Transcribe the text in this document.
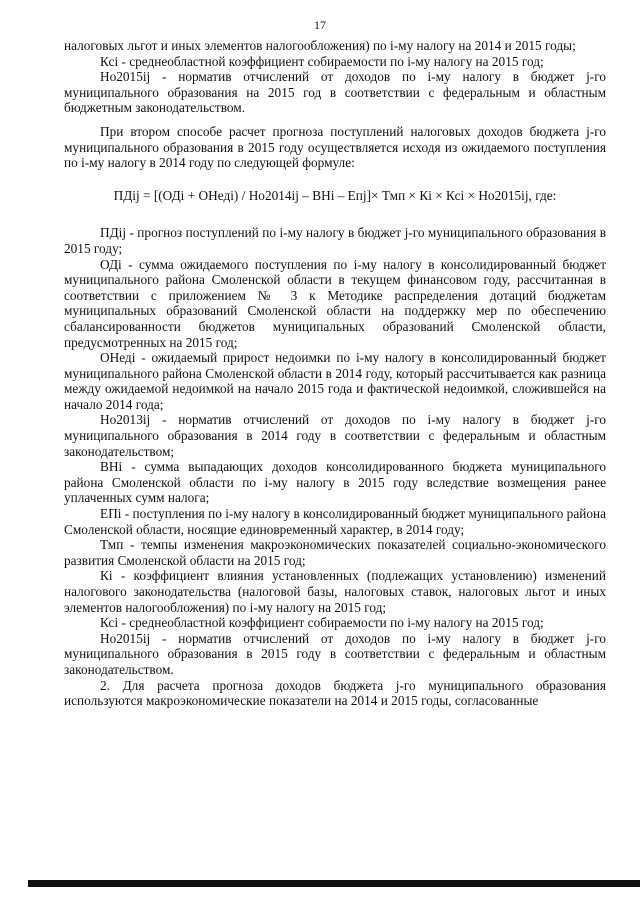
17

налоговых льгот и иных элементов налогообложения) по i-му налогу на 2014 и 2015 годы;

Ксi - среднеобластной коэффициент собираемости по i-му налогу на 2015 год;

Но2015ij - норматив отчислений от доходов по i-му налогу в бюджет j-го муниципального образования на 2015 год в соответствии с федеральным и областным бюджетным законодательством.

При втором способе расчет прогноза поступлений налоговых доходов бюджета j-го муниципального образования в 2015 году осуществляется исходя из ожидаемого поступления по i-му налогу в 2014 году по следующей формуле:

ПДij = [(ОДi + ОНедi) / Но2014ij – ВНi – Епj]× Тмп × Кi × Ксi × Но2015ij, где:

ПДij - прогноз поступлений по i-му налогу в бюджет j-го муниципального образования в 2015 году;

ОДi - сумма ожидаемого поступления по i-му налогу в консолидированный бюджет муниципального района Смоленской области в текущем финансовом году, рассчитанная в соответствии с приложением № 3 к Методике распределения дотаций бюджетам муниципальных образований Смоленской области на поддержку мер по обеспечению сбалансированности бюджетов муниципальных образований Смоленской области, предусмотренных на 2015 год;

ОНедi - ожидаемый прирост недоимки по i-му налогу в консолидированный бюджет муниципального района Смоленской области в 2014 году, который рассчитывается как разница между ожидаемой недоимкой на начало 2015 года и фактической недоимкой, сложившейся на начало 2014 года;

Но2013ij - норматив отчислений от доходов по i-му налогу в бюджет j-го муниципального образования в 2014 году в соответствии с федеральным и областным законодательством;

ВНi - сумма выпадающих доходов консолидированного бюджета муниципального района Смоленской области по i-му налогу в 2015 году вследствие возмещения ранее уплаченных сумм налога;

ЕПi - поступления по i-му налогу в консолидированный бюджет муниципального района Смоленской области, носящие единовременный характер, в 2014 году;

Тмп - темпы изменения макроэкономических показателей социально-экономического развития Смоленской области на 2015 год;

Кi - коэффициент влияния установленных (подлежащих установлению) изменений налогового законодательства (налоговой базы, налоговых ставок, налоговых льгот и иных элементов налогообложения) по i-му налогу на 2015 год;

Ксi - среднеобластной коэффициент собираемости по i-му налогу на 2015 год;

Но2015ij - норматив отчислений от доходов по i-му налогу в бюджет j-го муниципального образования в 2015 году в соответствии с федеральным и областным законодательством.

2. Для расчета прогноза доходов бюджета j-го муниципального образования используются макроэкономические показатели на 2014 и 2015 годы, согласованные
